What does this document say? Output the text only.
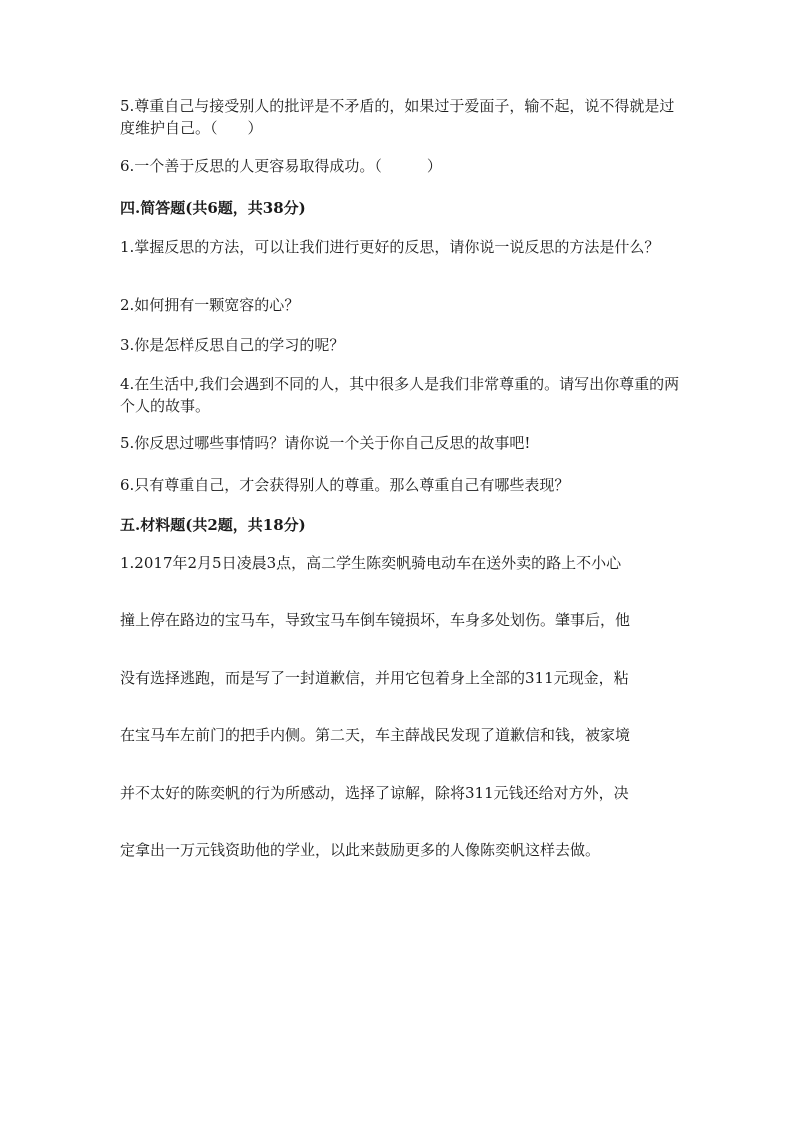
5.尊重自己与接受别人的批评是不矛盾的，如果过于爱面子，输不起，说不得就是过度维护自己。（　　）

6.一个善于反思的人更容易取得成功。（　　　）

四.简答题(共6题，共38分)

1.掌握反思的方法，可以让我们进行更好的反思，请你说一说反思的方法是什么？

2.如何拥有一颗宽容的心？

3.你是怎样反思自己的学习的呢？

4.在生活中,我们会遇到不同的人，其中很多人是我们非常尊重的。请写出你尊重的两个人的故事。

5.你反思过哪些事情吗？请你说一个关于你自己反思的故事吧!

6.只有尊重自己，才会获得别人的尊重。那么尊重自己有哪些表现？

五.材料题(共2题，共18分)

1.2017年2月5日凌晨3点，高二学生陈奕帆骑电动车在送外卖的路上不小心

撞上停在路边的宝马车，导致宝马车倒车镜损坏，车身多处划伤。肇事后，他

没有选择逃跑，而是写了一封道歉信，并用它包着身上全部的311元现金，粘

在宝马车左前门的把手内侧。第二天，车主薛战民发现了道歉信和钱，被家境

并不太好的陈奕帆的行为所感动，选择了谅解，除将311元钱还给对方外，决

定拿出一万元钱资助他的学业，以此来鼓励更多的人像陈奕帆这样去做。
